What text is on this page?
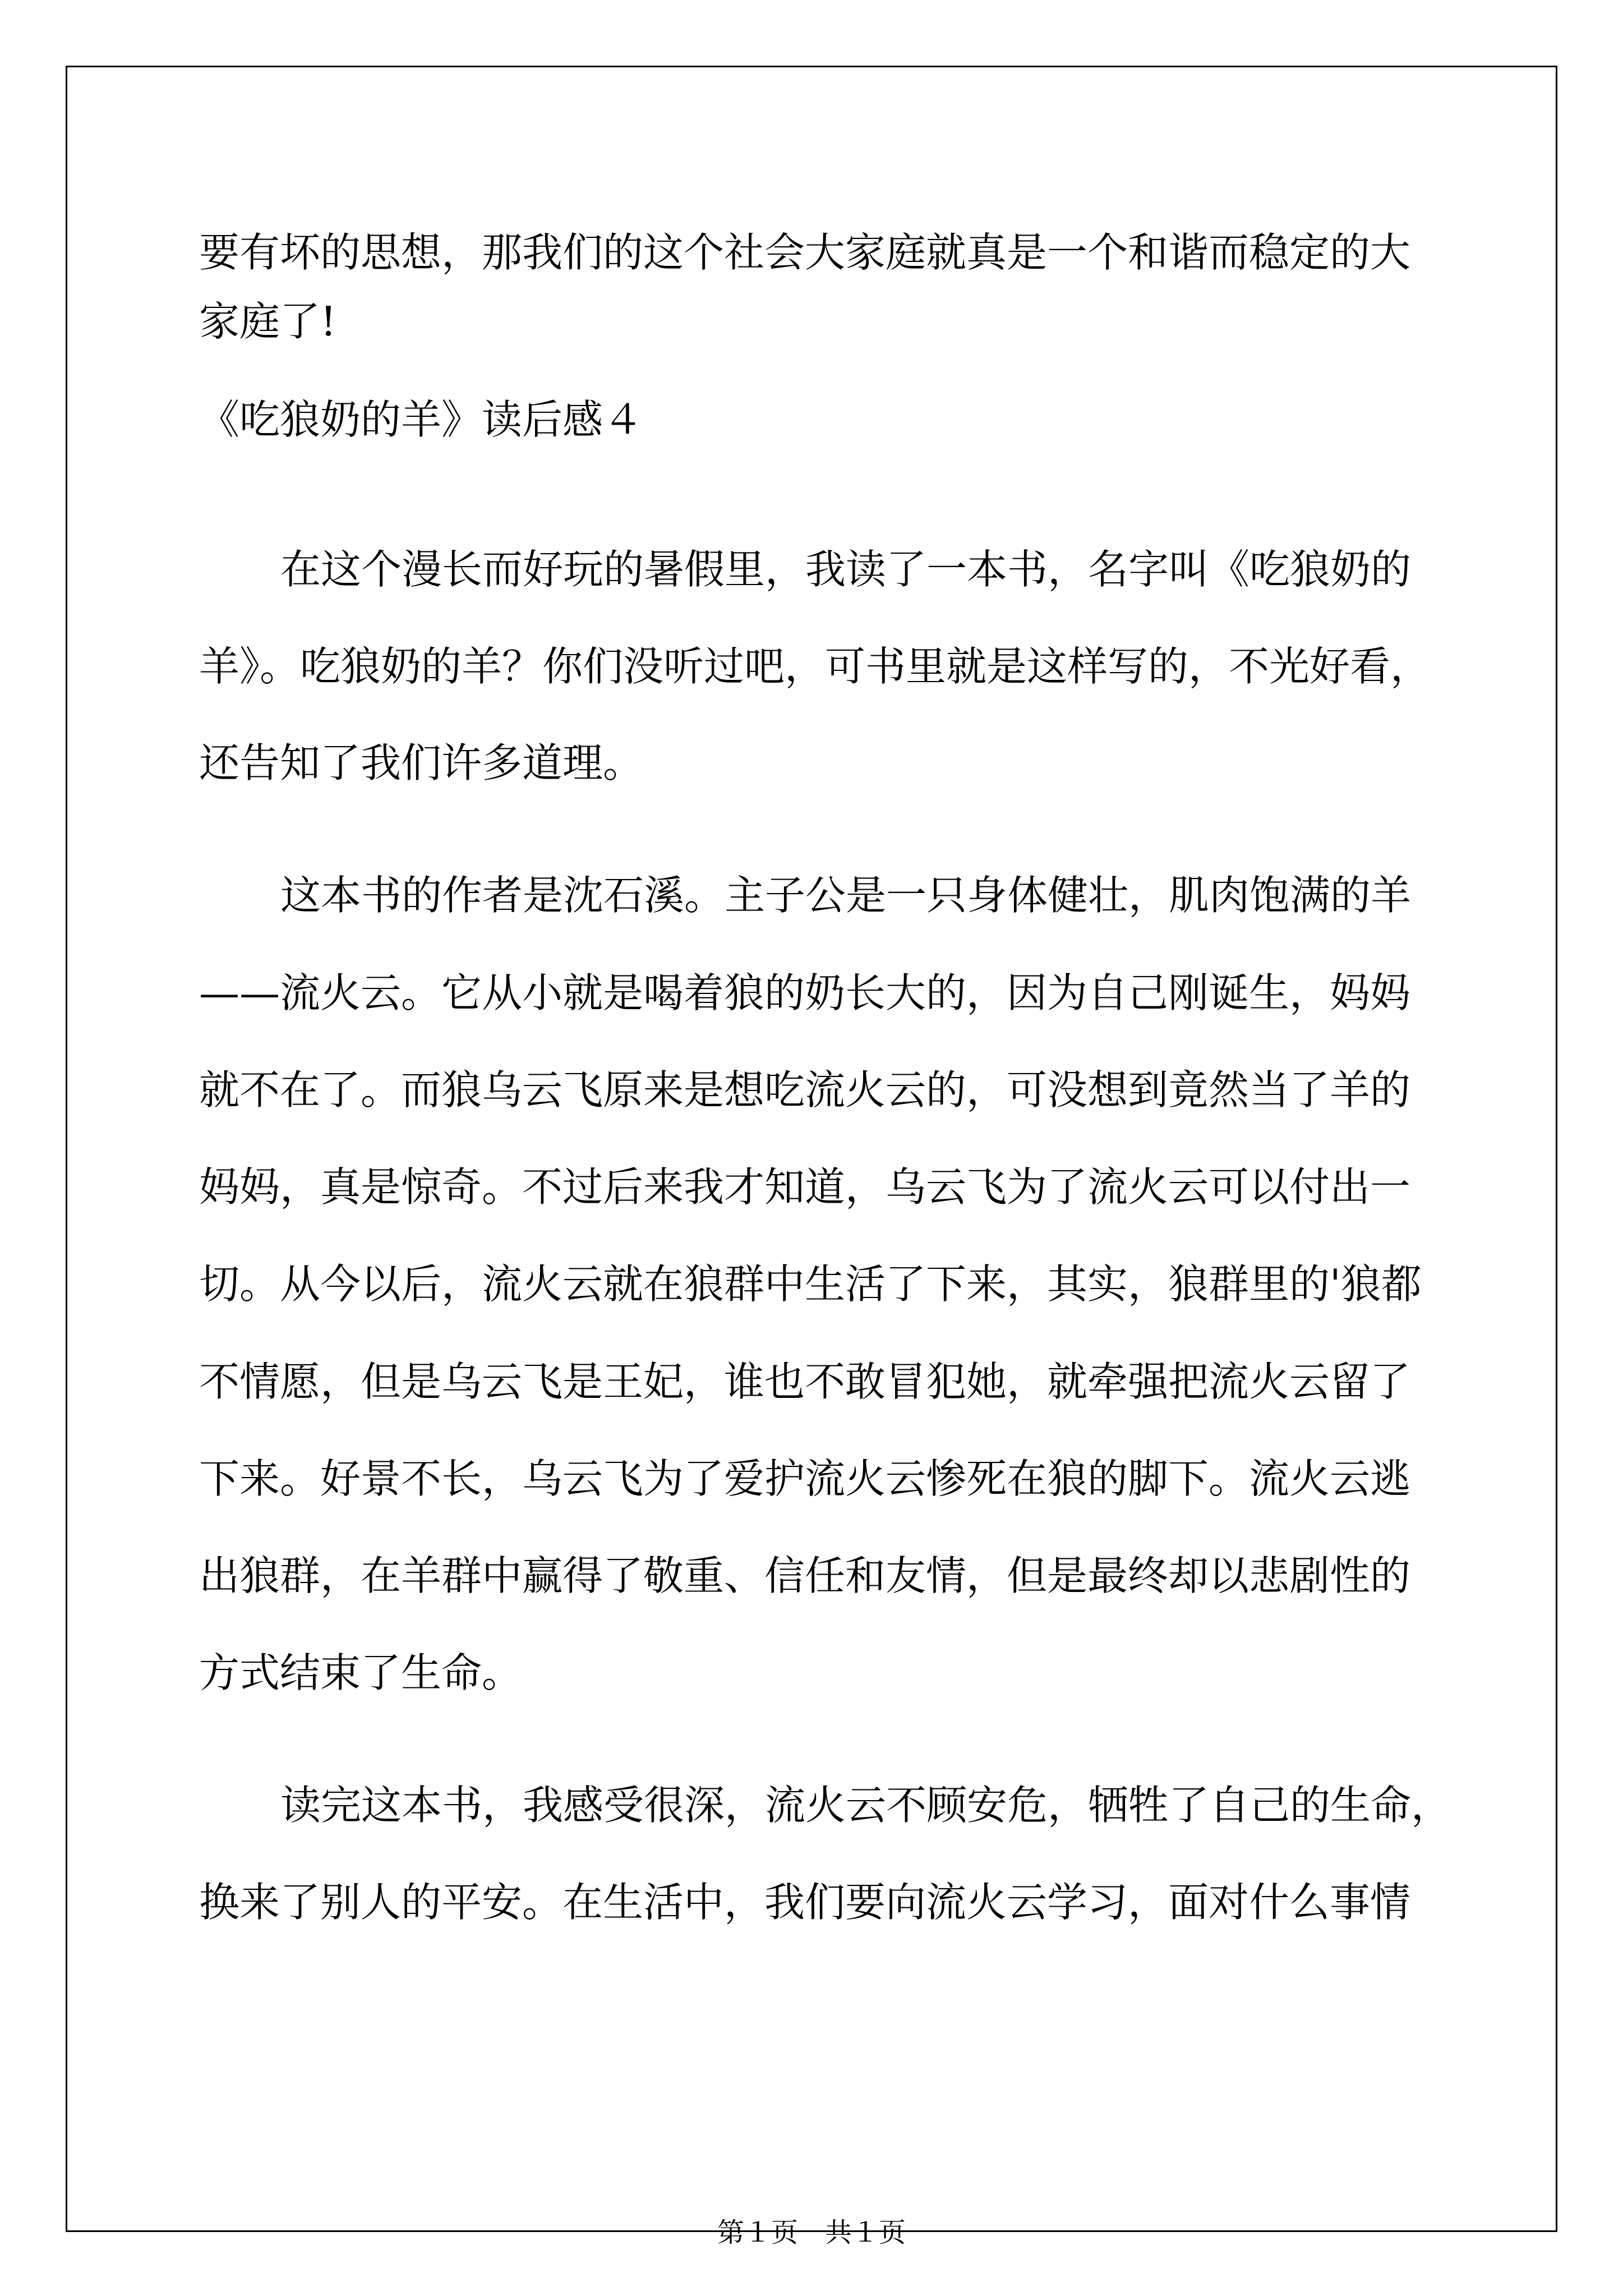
要有坏的思想，那我们的这个社会大家庭就真是一个和谐而稳定的大
家庭了!
《吃狼奶的羊》读后感４
在这个漫长而好玩的暑假里，我读了一本书，名字叫《吃狼奶的
羊》。吃狼奶的羊？你们没听过吧，可书里就是这样写的，不光好看，
还告知了我们许多道理。
这本书的作者是沈石溪。主子公是一只身体健壮，肌肉饱满的羊
——流火云。它从小就是喝着狼的奶长大的，因为自己刚诞生，妈妈
就不在了。而狼乌云飞原来是想吃流火云的，可没想到竟然当了羊的
妈妈，真是惊奇。不过后来我才知道，乌云飞为了流火云可以付出一
切。从今以后，流火云就在狼群中生活了下来，其实，狼群里的'狼都
不情愿，但是乌云飞是王妃，谁也不敢冒犯她，就牵强把流火云留了
下来。好景不长，乌云飞为了爱护流火云惨死在狼的脚下。流火云逃
出狼群，在羊群中赢得了敬重、信任和友情，但是最终却以悲剧性的
方式结束了生命。
读完这本书，我感受很深，流火云不顾安危，牺牲了自己的生命，
换来了别人的平安。在生活中，我们要向流火云学习，面对什么事情
第１页　共１页
